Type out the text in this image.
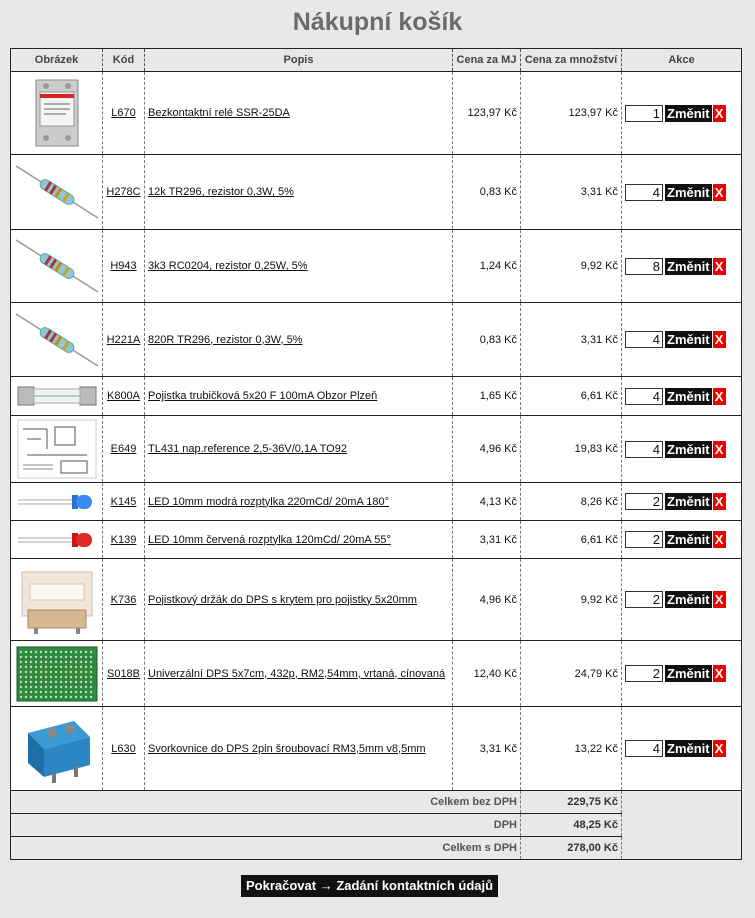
Nákupní košík
Obrázek	Kód	Popis	Cena za MJ	Cena za množství	Akce

	L670	Bezkontaktní relé SSR-25DA	123,97 Kč	123,97 Kč	1 Změnit X

	H278C	12k TR296, rezistor 0,3W, 5%	0,83 Kč	3,31 Kč	4 Změnit X

	H943	3k3 RC0204, rezistor 0,25W, 5%	1,24 Kč	9,92 Kč	8 Změnit X

	H221A	820R TR296, rezistor 0,3W, 5%	0,83 Kč	3,31 Kč	4 Změnit X

	K800A	Pojistka trubičková 5x20 F 100mA Obzor Plzeň	1,65 Kč	6,61 Kč	4 Změnit X

	E649	TL431 nap.reference 2,5-36V/0,1A TO92	4,96 Kč	19,83 Kč	4 Změnit X

	K145	LED 10mm modrá rozptylka 220mCd/ 20mA 180°	4,13 Kč	8,26 Kč	2 Změnit X

	K139	LED 10mm červená rozptylka 120mCd/ 20mA 55°	3,31 Kč	6,61 Kč	2 Změnit X

	K736	Pojistkový držák do DPS s krytem pro pojistky 5x20mm	4,96 Kč	9,92 Kč	2 Změnit X

	S018B	Univerzální DPS 5x7cm, 432p, RM2,54mm, vrtaná, cínovaná	12,40 Kč	24,79 Kč	2 Změnit X

	L630	Svorkovnice do DPS 2pin šroubovací RM3,5mm v8,5mm	3,31 Kč	13,22 Kč	4 Změnit X
Celkem bez DPH				229,75 Kč	
DPH				48,25 Kč	
Celkem s DPH				278,00 Kč	
Pokračovat → Zadání kontaktních údajů
